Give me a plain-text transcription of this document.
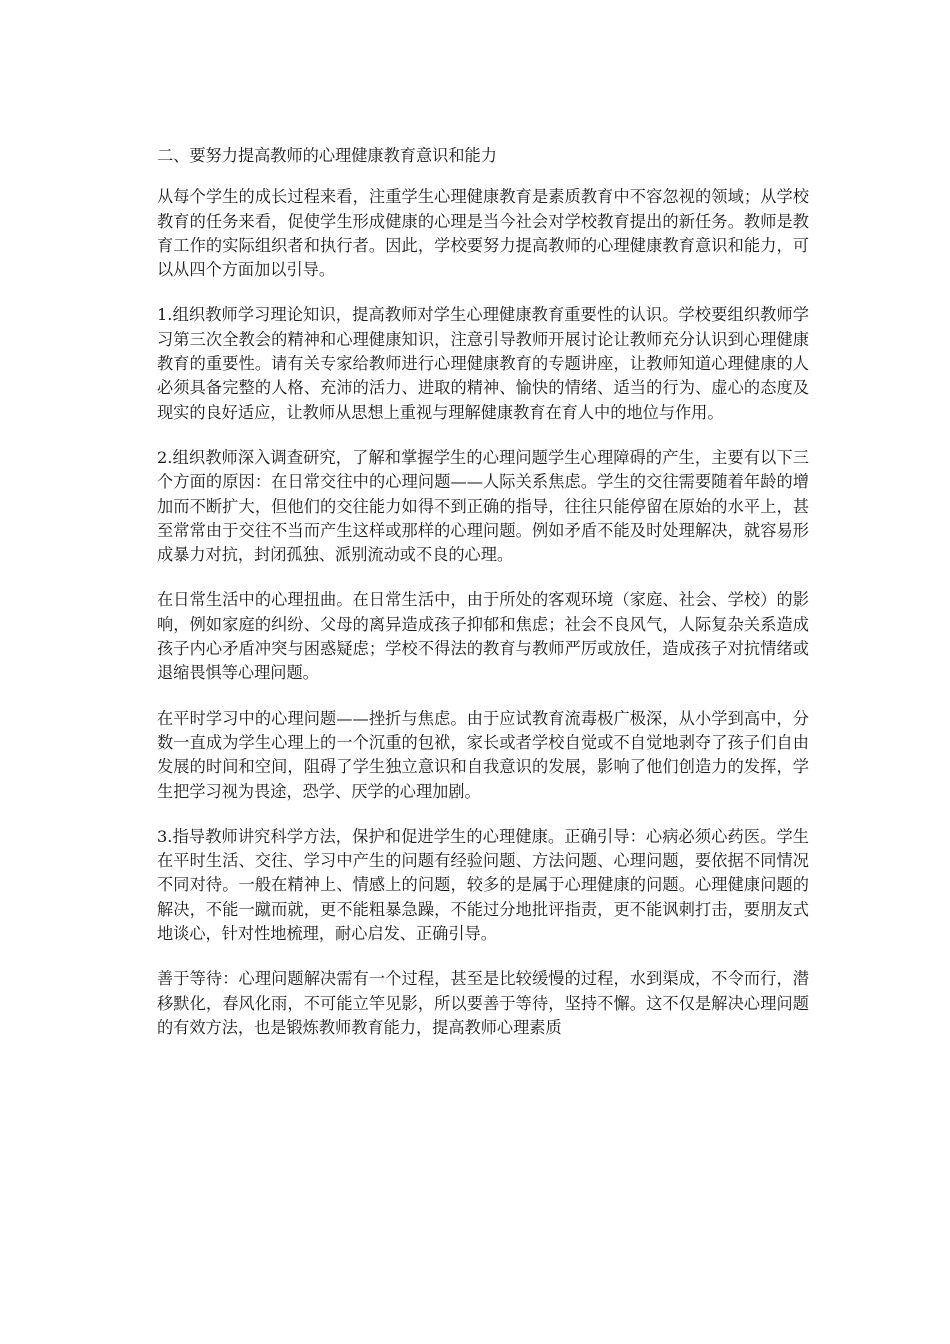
二、要努力提高教师的心理健康教育意识和能力

从每个学生的成长过程来看，注重学生心理健康教育是素质教育中不容忽视的领域；从学校教育的任务来看，促使学生形成健康的心理是当今社会对学校教育提出的新任务。教师是教育工作的实际组织者和执行者。因此，学校要努力提高教师的心理健康教育意识和能力，可以从四个方面加以引导。

1.组织教师学习理论知识，提高教师对学生心理健康教育重要性的认识。学校要组织教师学习第三次全教会的精神和心理健康知识，注意引导教师开展讨论让教师充分认识到心理健康教育的重要性。请有关专家给教师进行心理健康教育的专题讲座，让教师知道心理健康的人必须具备完整的人格、充沛的活力、进取的精神、愉快的情绪、适当的行为、虚心的态度及现实的良好适应，让教师从思想上重视与理解健康教育在育人中的地位与作用。

2.组织教师深入调查研究，了解和掌握学生的心理问题学生心理障碍的产生，主要有以下三个方面的原因：在日常交往中的心理问题——人际关系焦虑。学生的交往需要随着年龄的增加而不断扩大，但他们的交往能力如得不到正确的指导，往往只能停留在原始的水平上，甚至常常由于交往不当而产生这样或那样的心理问题。例如矛盾不能及时处理解决，就容易形成暴力对抗，封闭孤独、派别流动或不良的心理。

在日常生活中的心理扭曲。在日常生活中，由于所处的客观环境（家庭、社会、学校）的影响，例如家庭的纠纷、父母的离异造成孩子抑郁和焦虑；社会不良风气，人际复杂关系造成孩子内心矛盾冲突与困惑疑虑；学校不得法的教育与教师严厉或放任，造成孩子对抗情绪或退缩畏惧等心理问题。

在平时学习中的心理问题——挫折与焦虑。由于应试教育流毒极广极深，从小学到高中，分数一直成为学生心理上的一个沉重的包袱，家长或者学校自觉或不自觉地剥夺了孩子们自由发展的时间和空间，阻碍了学生独立意识和自我意识的发展，影响了他们创造力的发挥，学生把学习视为畏途，恐学、厌学的心理加剧。

3.指导教师讲究科学方法，保护和促进学生的心理健康。正确引导：心病必须心药医。学生在平时生活、交往、学习中产生的问题有经验问题、方法问题、心理问题，要依据不同情况不同对待。一般在精神上、情感上的问题，较多的是属于心理健康的问题。心理健康问题的解决，不能一蹴而就，更不能粗暴急躁，不能过分地批评指责，更不能讽刺打击，要朋友式地谈心，针对性地梳理，耐心启发、正确引导。

善于等待：心理问题解决需有一个过程，甚至是比较缓慢的过程，水到渠成，不令而行，潜移默化，春风化雨，不可能立竿见影，所以要善于等待，坚持不懈。这不仅是解决心理问题的有效方法，也是锻炼教师教育能力，提高教师心理素质
